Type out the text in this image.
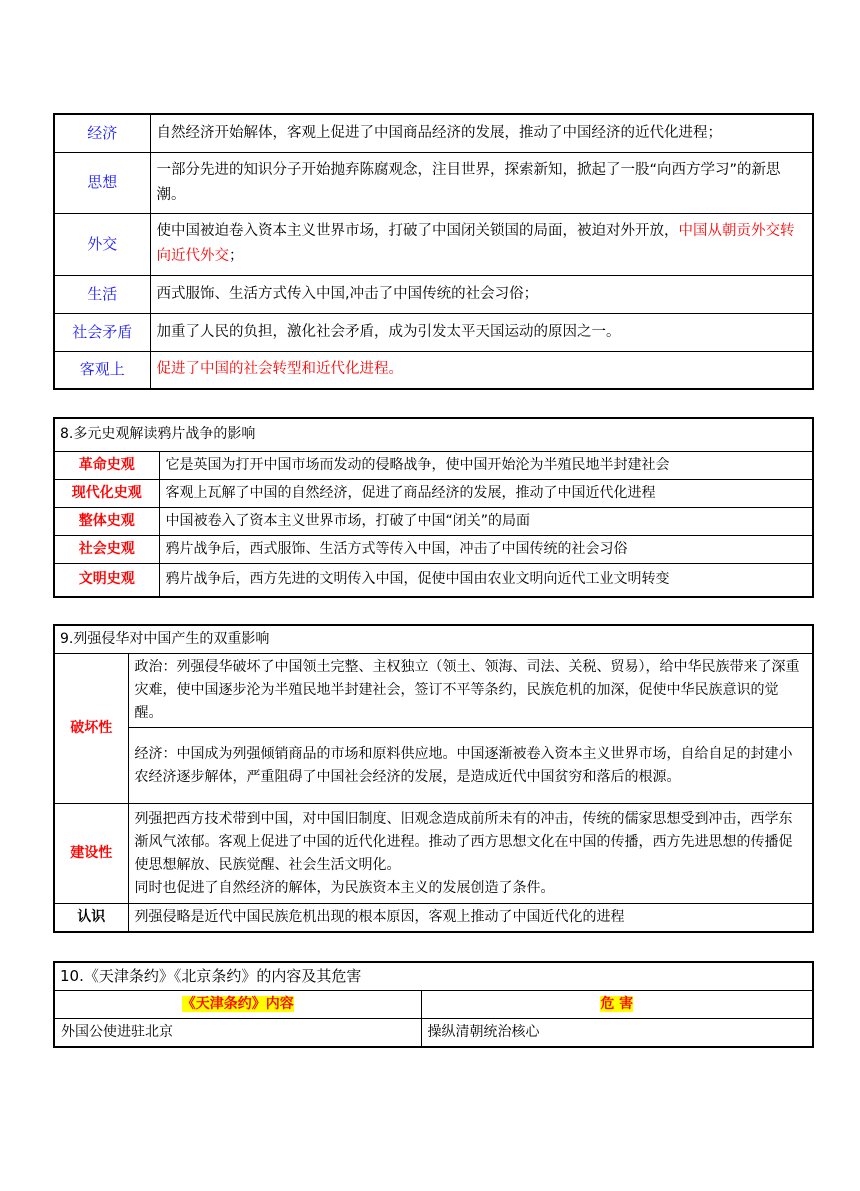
经济	自然经济开始解体，客观上促进了中国商品经济的发展，推动了中国经济的近代化进程；
思想	一部分先进的知识分子开始抛弃陈腐观念，注目世界，探索新知，掀起了一股“向西方学习”的新思潮。
外交	使中国被迫卷入资本主义世界市场，打破了中国闭关锁国的局面，被迫对外开放，中国从朝贡外交转向近代外交；
生活	西式服饰、生活方式传入中国,冲击了中国传统的社会习俗；
社会矛盾	加重了人民的负担，激化社会矛盾，成为引发太平天国运动的原因之一。
客观上	促进了中国的社会转型和近代化进程。
8.多元史观解读鸦片战争的影响	
革命史观	它是英国为打开中国市场而发动的侵略战争，使中国开始沦为半殖民地半封建社会
现代化史观	客观上瓦解了中国的自然经济，促进了商品经济的发展，推动了中国近代化进程
整体史观	中国被卷入了资本主义世界市场，打破了中国“闭关”的局面
社会史观	鸦片战争后，西式服饰、生活方式等传入中国，冲击了中国传统的社会习俗
文明史观	鸦片战争后，西方先进的文明传入中国，促使中国由农业文明向近代工业文明转变
9.列强侵华对中国产生的双重影响	
破坏性	政治：列强侵华破坏了中国领土完整、主权独立（领土、领海、司法、关税、贸易），给中华民族带来了深重灾难，使中国逐步沦为半殖民地半封建社会，签订不平等条约，民族危机的加深，促使中华民族意识的觉醒。
	经济：中国成为列强倾销商品的市场和原料供应地。中国逐渐被卷入资本主义世界市场，自给自足的封建小农经济逐步解体，严重阻碍了中国社会经济的发展，是造成近代中国贫穷和落后的根源。
建设性	列强把西方技术带到中国，对中国旧制度、旧观念造成前所未有的冲击，传统的儒家思想受到冲击，西学东渐风气浓郁。客观上促进了中国的近代化进程。推动了西方思想文化在中国的传播，西方先进思想的传播促使思想解放、民族觉醒、社会生活文明化。
同时也促进了自然经济的解体，为民族资本主义的发展创造了条件。
认识	列强侵略是近代中国民族危机出现的根本原因，客观上推动了中国近代化的进程
10.《天津条约》《北京条约》的内容及其危害	
《天津条约》内容	危 害
外国公使进驻北京	操纵清朝统治核心
